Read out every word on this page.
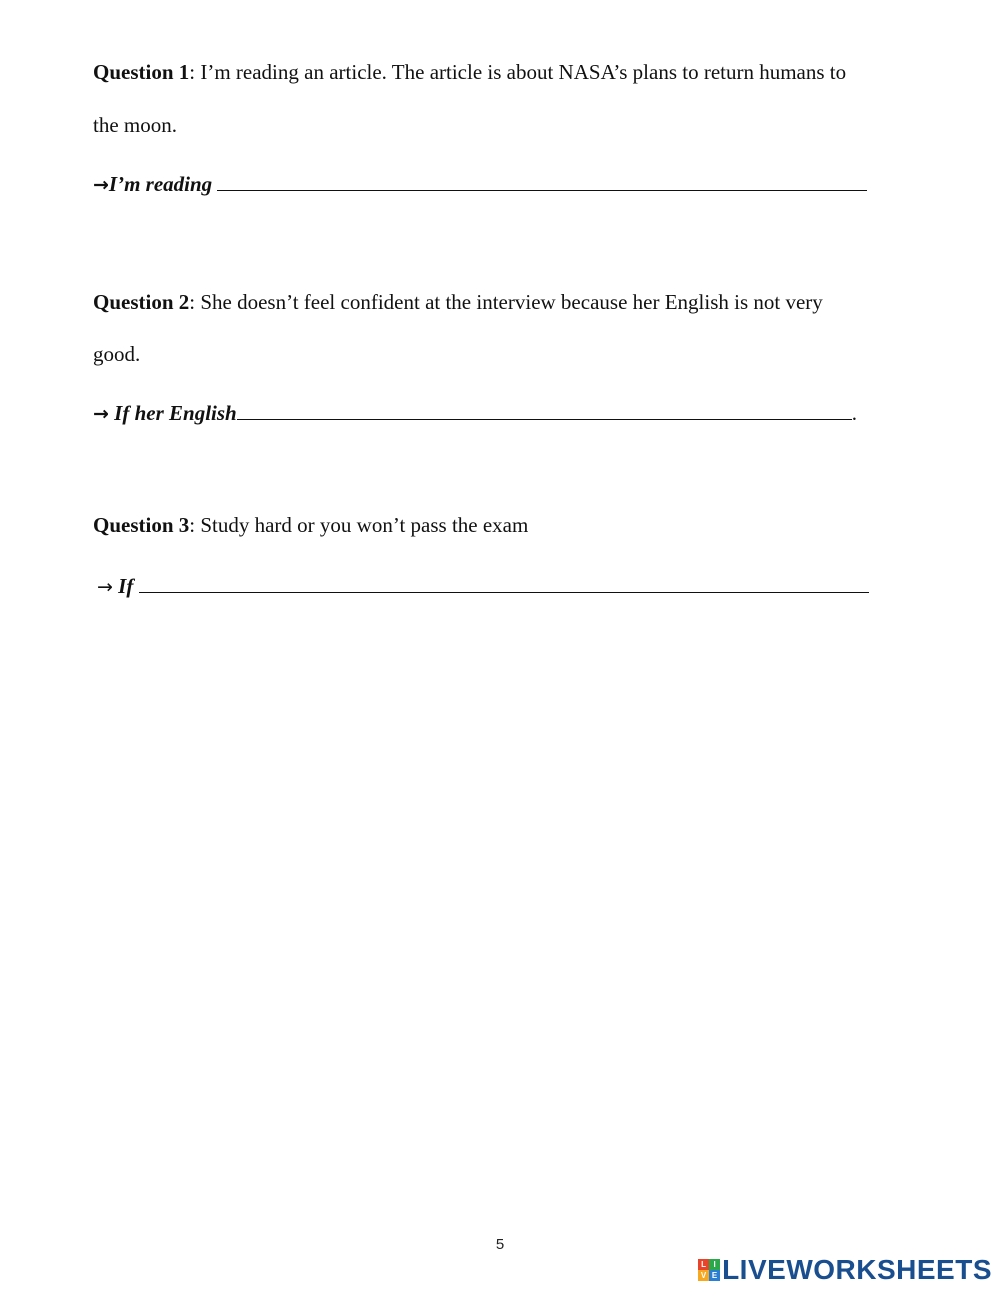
Question 1: I’m reading an article. The article is about NASA’s plans to return humans to
the moon.
→I’m reading
Question 2: She doesn’t feel confident at the interview because her English is not very
good.
→ If her English	.
Question 3: Study hard or you won’t pass the exam
→ If
5
L I
V E LIVEWORKSHEETS
